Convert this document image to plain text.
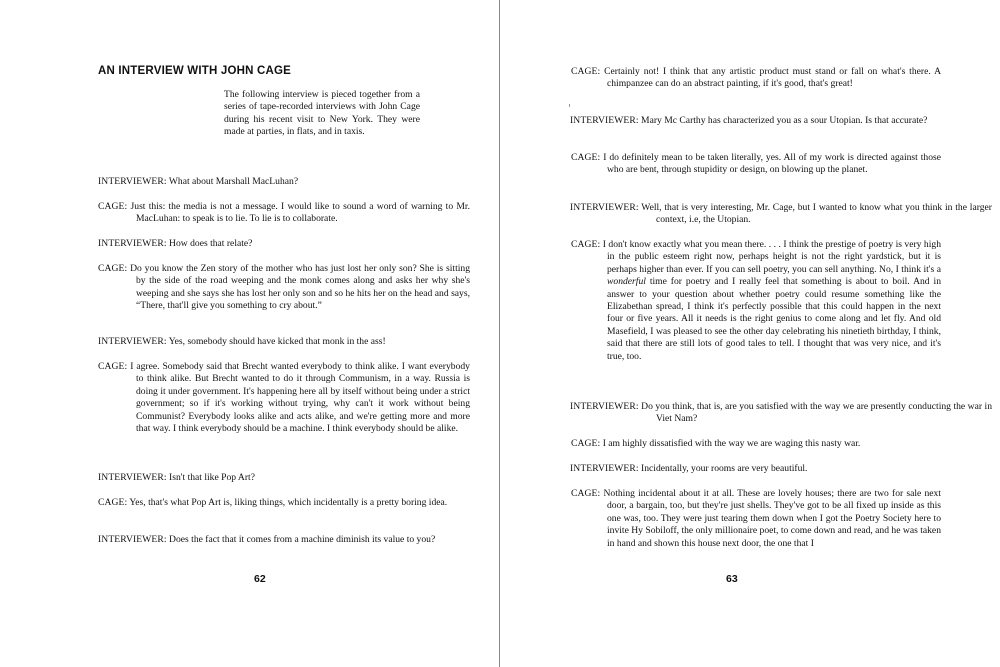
AN INTERVIEW WITH JOHN CAGE

The following interview is pieced together from a series of tape-recorded interviews with John Cage during his recent visit to New York. They were made at parties, in flats, and in taxis.

INTERVIEWER: What about Marshall MacLuhan?

CAGE: Just this: the media is not a message. I would like to sound a word of warning to Mr. MacLuhan: to speak is to lie. To lie is to collaborate.

INTERVIEWER: How does that relate?

CAGE: Do you know the Zen story of the mother who has just lost her only son? She is sitting by the side of the road weeping and the monk comes along and asks her why she's weeping and she says she has lost her only son and so he hits her on the head and says, “There, that'll give you something to cry about.”

INTERVIEWER: Yes, somebody should have kicked that monk in the ass!

CAGE: I agree. Somebody said that Brecht wanted everybody to think alike. I want everybody to think alike. But Brecht wanted to do it through Communism, in a way. Russia is doing it under government. It's happening here all by itself without being under a strict government; so if it's working without trying, why can't it work without being Communist? Everybody looks alike and acts alike, and we're getting more and more that way. I think everybody should be a machine. I think everybody should be alike.

INTERVIEWER: Isn't that like Pop Art?

CAGE: Yes, that's what Pop Art is, liking things, which incidentally is a pretty boring idea.

INTERVIEWER: Does the fact that it comes from a machine diminish its value to you?

62

CAGE: Certainly not! I think that any artistic product must stand or fall on what's there. A chimpanzee can do an abstract painting, if it's good, that's great!

INTERVIEWER: Mary Mc Carthy has characterized you as a sour Utopian. Is that accurate?

CAGE: I do definitely mean to be taken literally, yes. All of my work is directed against those who are bent, through stupidity or design, on blowing up the planet.

INTERVIEWER: Well, that is very interesting, Mr. Cage, but I wanted to know what you think in the larger context, i.e, the Utopian.

CAGE: I don't know exactly what you mean there. . . . I think the prestige of poetry is very high in the public esteem right now, perhaps height is not the right yardstick, but it is perhaps higher than ever. If you can sell poetry, you can sell anything. No, I think it's a wonderful time for poetry and I really feel that something is about to boil. And in answer to your question about whether poetry could resume something like the Elizabethan spread, I think it's perfectly possible that this could happen in the next four or five years. All it needs is the right genius to come along and let fly. And old Masefield, I was pleased to see the other day celebrating his ninetieth birthday, I think, said that there are still lots of good tales to tell. I thought that was very nice, and it's true, too.

INTERVIEWER: Do you think, that is, are you satisfied with the way we are presently conducting the war in Viet Nam?

CAGE: I am highly dissatisfied with the way we are waging this nasty war.

INTERVIEWER: Incidentally, your rooms are very beautiful.

CAGE: Nothing incidental about it at all. These are lovely houses; there are two for sale next door, a bargain, too, but they're just shells. They've got to be all fixed up inside as this one was, too. They were just tearing them down when I got the Poetry Society here to invite Hy Sobiloff, the only millionaire poet, to come down and read, and he was taken in hand and shown this house next door, the one that I

63
